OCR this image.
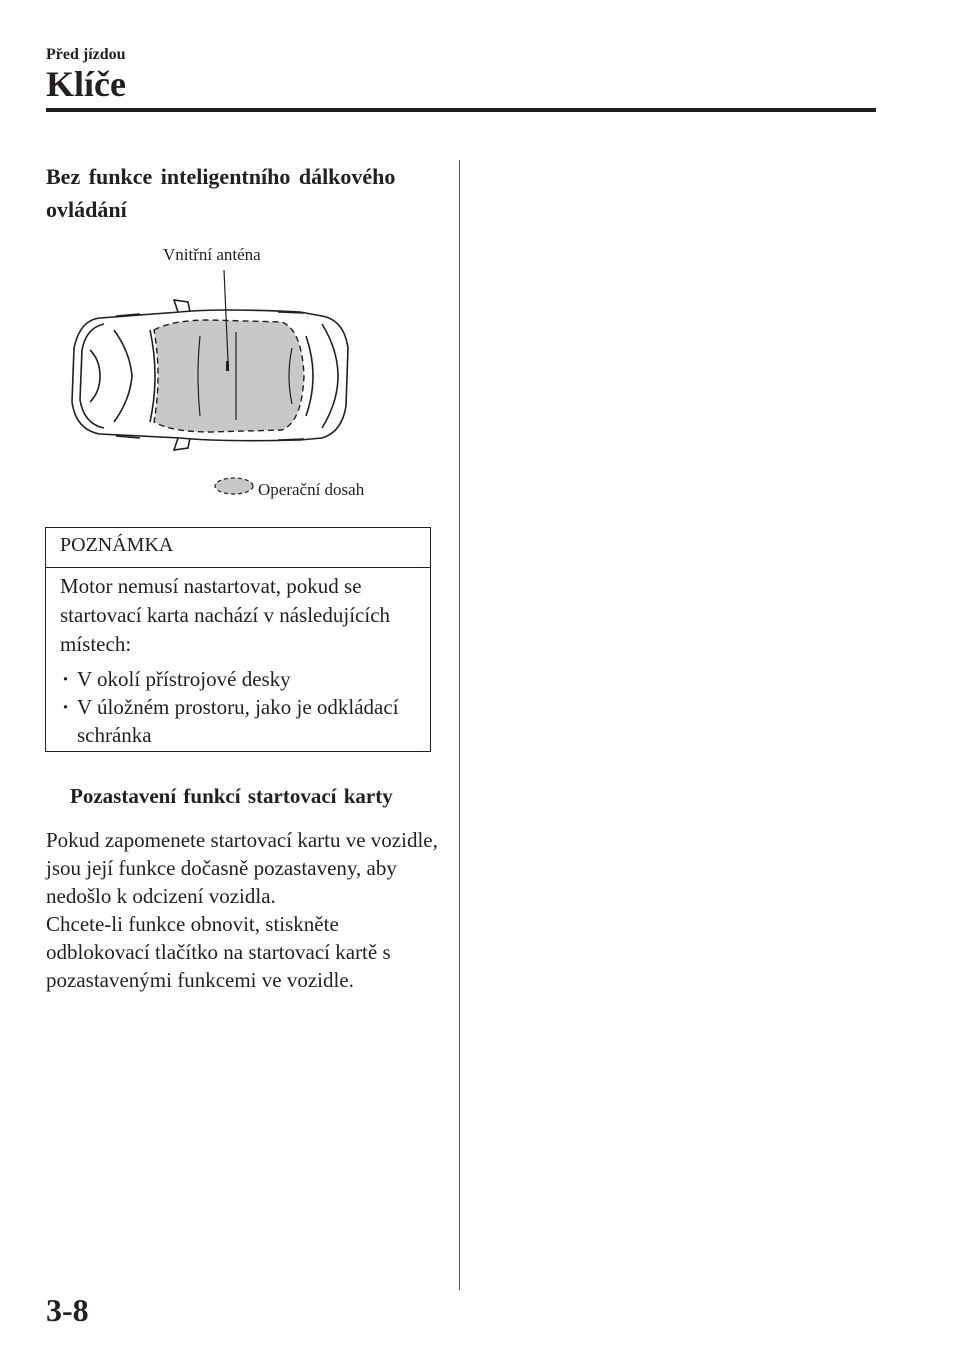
Před jízdou
Klíče
Bez funkce inteligentního dálkového ovládání
Vnitřní anténa
Operační dosah
POZNÁMKA

Motor nemusí nastartovat, pokud se startovací karta nachází v následujících místech:

· V okolí přístrojové desky
· V úložném prostoru, jako je odkládací schránka
Pozastavení funkcí startovací karty

Pokud zapomenete startovací kartu ve vozidle, jsou její funkce dočasně pozastaveny, aby nedošlo k odcizení vozidla.

Chcete-li funkce obnovit, stiskněte odblokovací tlačítko na startovací kartě s pozastavenými funkcemi ve vozidle.

3-8
